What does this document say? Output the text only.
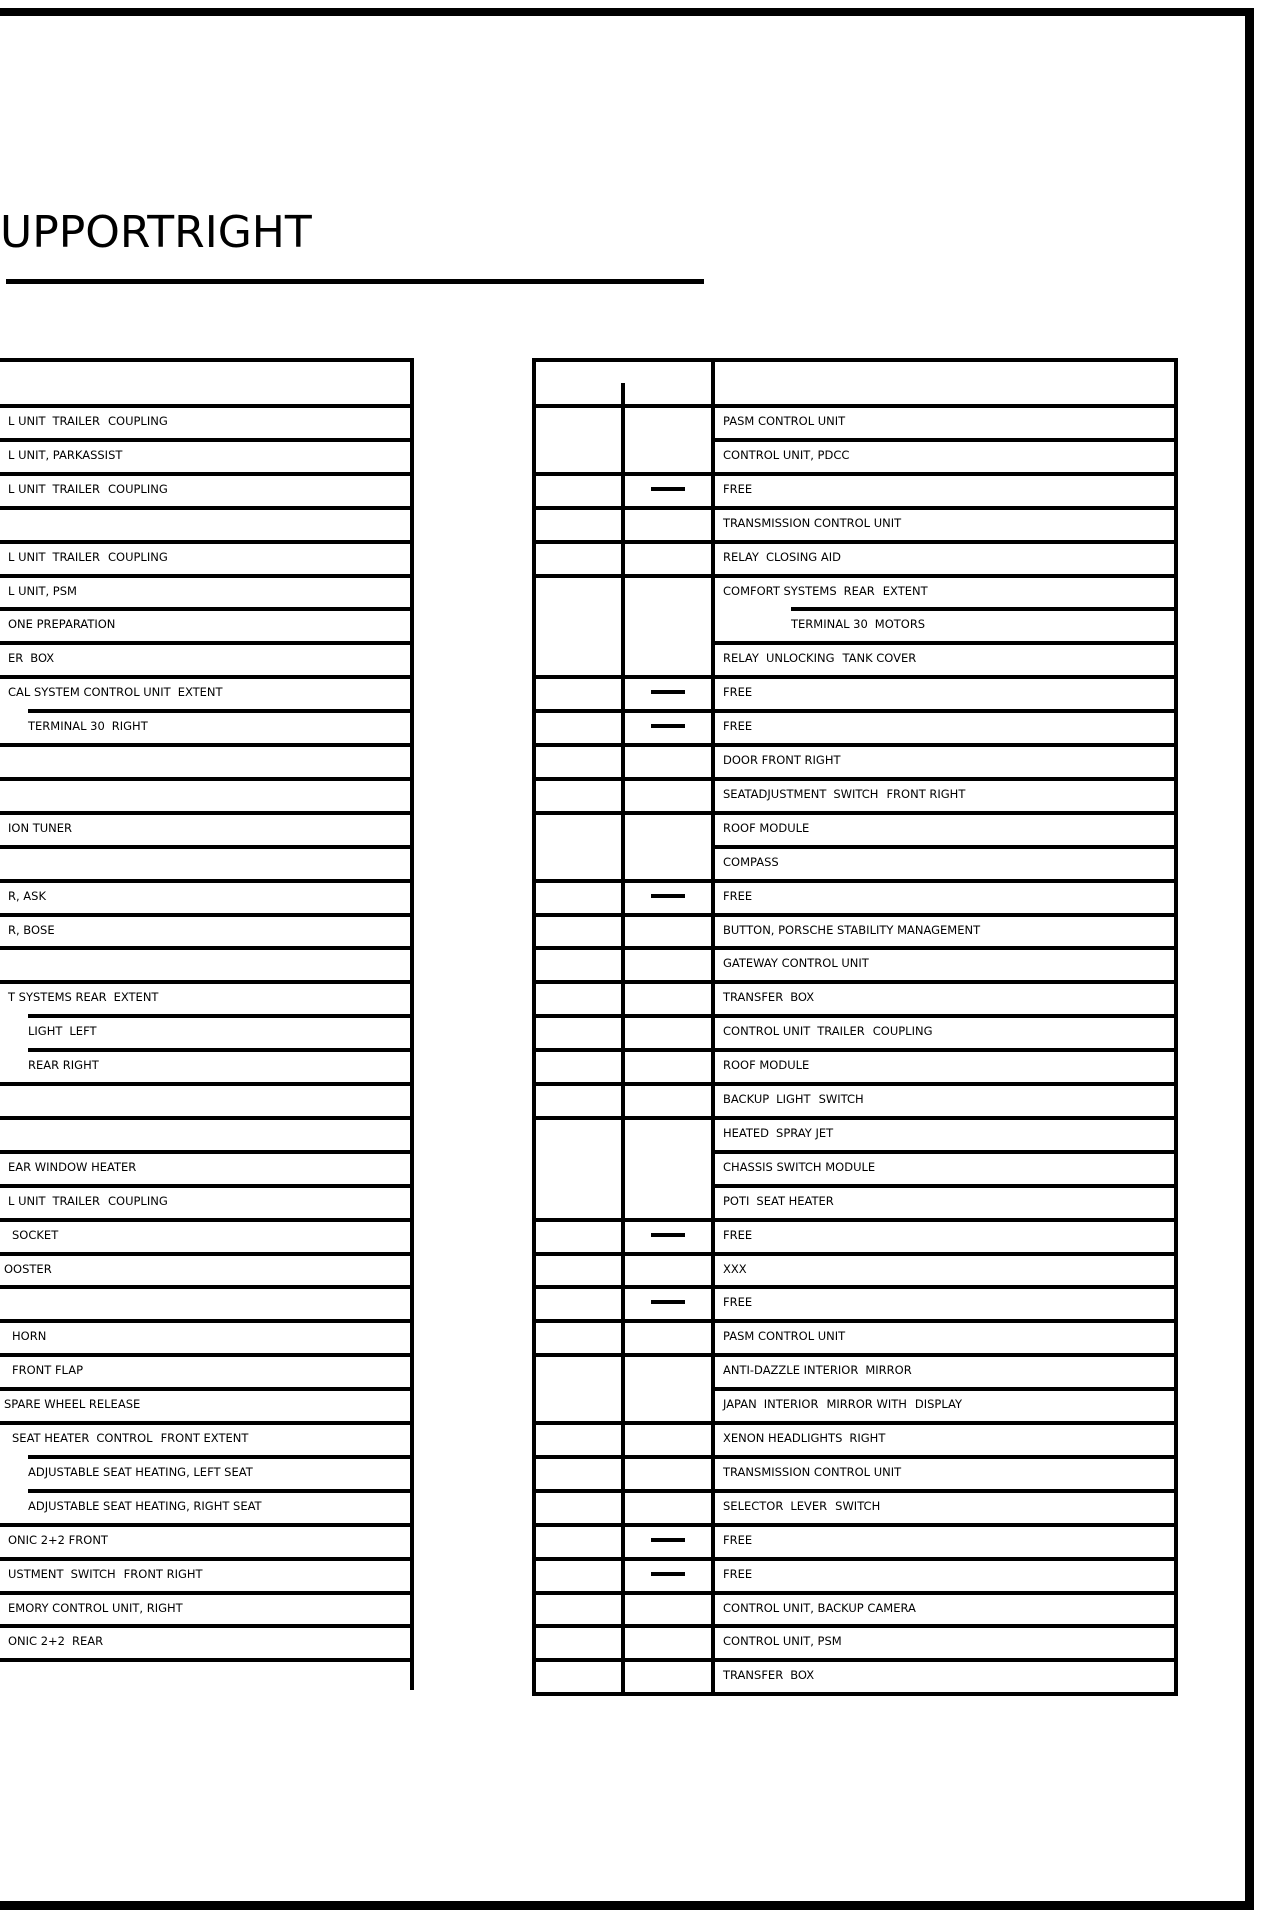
UPPORTRIGHT
L UNIT TRAILER COUPLING
L UNIT, PARKASSIST
L UNIT TRAILER COUPLING
L UNIT TRAILER COUPLING
L UNIT, PSM
ONE PREPARATION
ER BOX
CAL SYSTEM CONTROL UNIT EXTENT
TERMINAL 30 RIGHT
ION TUNER
R, ASK
R, BOSE
T SYSTEMS REAR EXTENT
LIGHT LEFT
REAR RIGHT
EAR WINDOW HEATER
L UNIT TRAILER COUPLING
SOCKET
OOSTER
HORN
FRONT FLAP
SPARE WHEEL RELEASE
SEAT HEATER CONTROL FRONT EXTENT
ADJUSTABLE SEAT HEATING, LEFT SEAT
ADJUSTABLE SEAT HEATING, RIGHT SEAT
ONIC 2+2 FRONT
USTMENT SWITCH FRONT RIGHT
EMORY CONTROL UNIT, RIGHT
ONIC 2+2 REAR
PASM CONTROL UNIT
CONTROL UNIT, PDCC
FREE
TRANSMISSION CONTROL UNIT
RELAY CLOSING AID
COMFORT SYSTEMS REAR EXTENT
TERMINAL 30 MOTORS
RELAY UNLOCKING TANK COVER
FREE
FREE
DOOR FRONT RIGHT
SEATADJUSTMENT SWITCH FRONT RIGHT
ROOF MODULE
COMPASS
FREE
BUTTON, PORSCHE STABILITY MANAGEMENT
GATEWAY CONTROL UNIT
TRANSFER BOX
CONTROL UNIT TRAILER COUPLING
ROOF MODULE
BACKUP LIGHT SWITCH
HEATED SPRAY JET
CHASSIS SWITCH MODULE
POTI SEAT HEATER
FREE
XXX
FREE
PASM CONTROL UNIT
ANTI-DAZZLE INTERIOR MIRROR
JAPAN INTERIOR MIRROR WITH DISPLAY
XENON HEADLIGHTS RIGHT
TRANSMISSION CONTROL UNIT
SELECTOR LEVER SWITCH
FREE
FREE
CONTROL UNIT, BACKUP CAMERA
CONTROL UNIT, PSM
TRANSFER BOX
